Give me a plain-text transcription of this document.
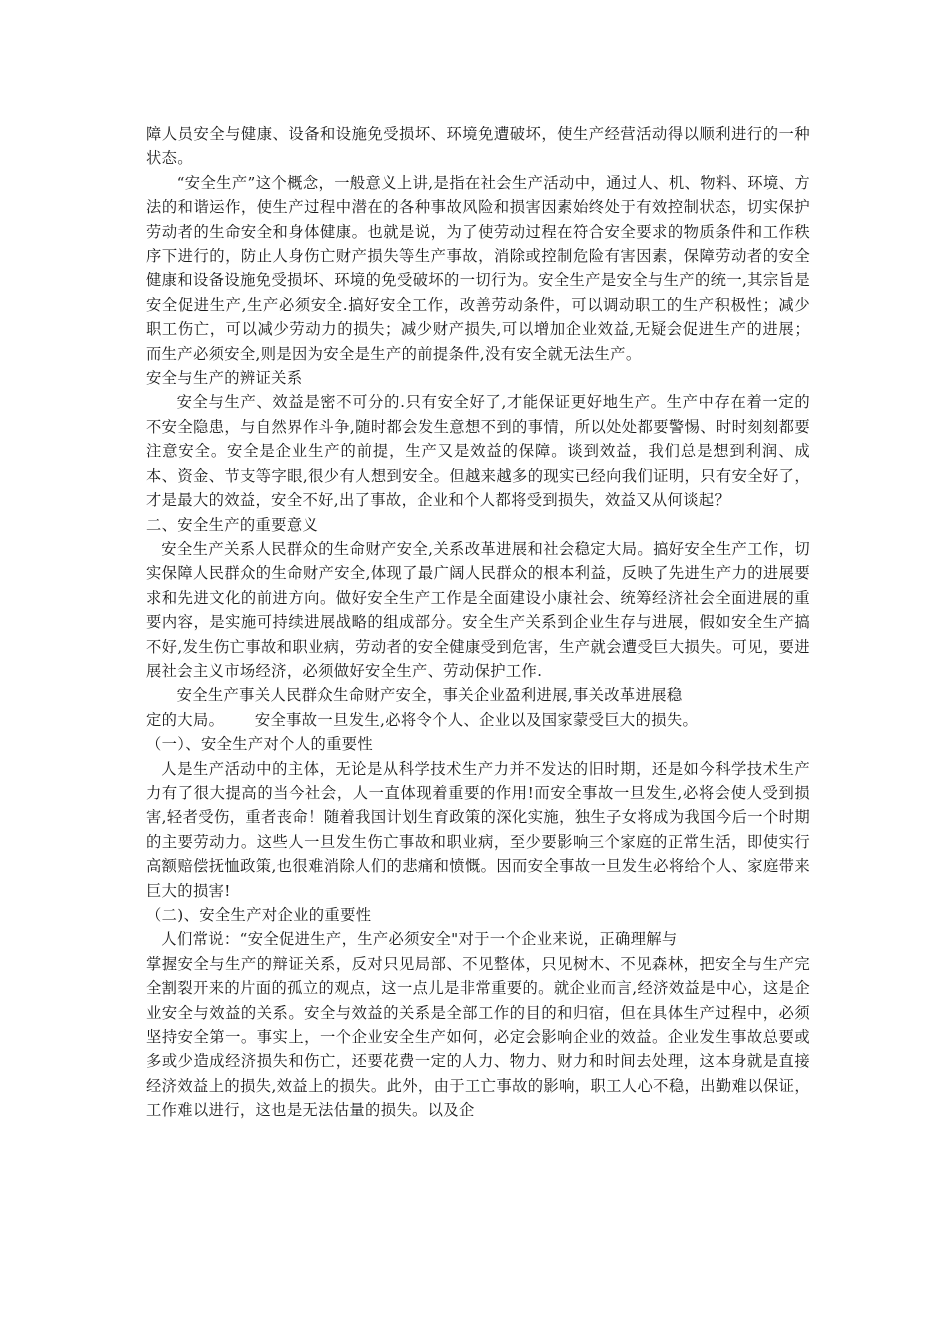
障人员安全与健康、设备和设施免受损坏、环境免遭破坏，使生产经营活动得以顺利进行的一种状态。

“安全生产”这个概念，一般意义上讲,是指在社会生产活动中，通过人、机、物料、环境、方法的和谐运作，使生产过程中潜在的各种事故风险和损害因素始终处于有效控制状态，切实保护劳动者的生命安全和身体健康。也就是说，为了使劳动过程在符合安全要求的物质条件和工作秩序下进行的，防止人身伤亡财产损失等生产事故，消除或控制危险有害因素，保障劳动者的安全健康和设备设施免受损坏、环境的免受破坏的一切行为。安全生产是安全与生产的统一,其宗旨是安全促进生产,生产必须安全.搞好安全工作，改善劳动条件，可以调动职工的生产积极性；减少职工伤亡，可以减少劳动力的损失；减少财产损失,可以增加企业效益,无疑会促进生产的进展；而生产必须安全,则是因为安全是生产的前提条件,没有安全就无法生产。

安全与生产的辨证关系

安全与生产、效益是密不可分的.只有安全好了,才能保证更好地生产。生产中存在着一定的不安全隐患，与自然界作斗争,随时都会发生意想不到的事情，所以处处都要警惕、时时刻刻都要注意安全。安全是企业生产的前提，生产又是效益的保障。谈到效益，我们总是想到利润、成本、资金、节支等字眼,很少有人想到安全。但越来越多的现实已经向我们证明，只有安全好了，才是最大的效益，安全不好,出了事故，企业和个人都将受到损失，效益又从何谈起？

二、安全生产的重要意义

安全生产关系人民群众的生命财产安全,关系改革进展和社会稳定大局。搞好安全生产工作，切实保障人民群众的生命财产安全,体现了最广阔人民群众的根本利益，反映了先进生产力的进展要求和先进文化的前进方向。做好安全生产工作是全面建设小康社会、统筹经济社会全面进展的重要内容，是实施可持续进展战略的组成部分。安全生产关系到企业生存与进展，假如安全生产搞不好,发生伤亡事故和职业病，劳动者的安全健康受到危害，生产就会遭受巨大损失。可见，要进展社会主义市场经济，必须做好安全生产、劳动保护工作.

安全生产事关人民群众生命财产安全，事关企业盈利进展,事关改革进展稳

定的大局。 安全事故一旦发生,必将令个人、企业以及国家蒙受巨大的损失。

（一）、安全生产对个人的重要性

人是生产活动中的主体，无论是从科学技术生产力并不发达的旧时期，还是如今科学技术生产力有了很大提高的当今社会，人一直体现着重要的作用!而安全事故一旦发生,必将会使人受到损害,轻者受伤，重者丧命！随着我国计划生育政策的深化实施，独生子女将成为我国今后一个时期的主要劳动力。这些人一旦发生伤亡事故和职业病，至少要影响三个家庭的正常生活，即使实行高额赔偿抚恤政策,也很难消除人们的悲痛和愤慨。因而安全事故一旦发生必将给个人、家庭带来巨大的损害!

（二)、安全生产对企业的重要性

人们常说：“安全促进生产，生产必须安全"对于一个企业来说，正确理解与

掌握安全与生产的辩证关系，反对只见局部、不见整体，只见树木、不见森林，把安全与生产完全割裂开来的片面的孤立的观点，这一点儿是非常重要的。就企业而言,经济效益是中心，这是企业安全与效益的关系。安全与效益的关系是全部工作的目的和归宿，但在具体生产过程中，必须坚持安全第一。事实上，一个企业安全生产如何，必定会影响企业的效益。企业发生事故总要或多或少造成经济损失和伤亡，还要花费一定的人力、物力、财力和时间去处理，这本身就是直接经济效益上的损失,效益上的损失。此外，由于工亡事故的影响，职工人心不稳，出勤难以保证，工作难以进行，这也是无法估量的损失。以及企
